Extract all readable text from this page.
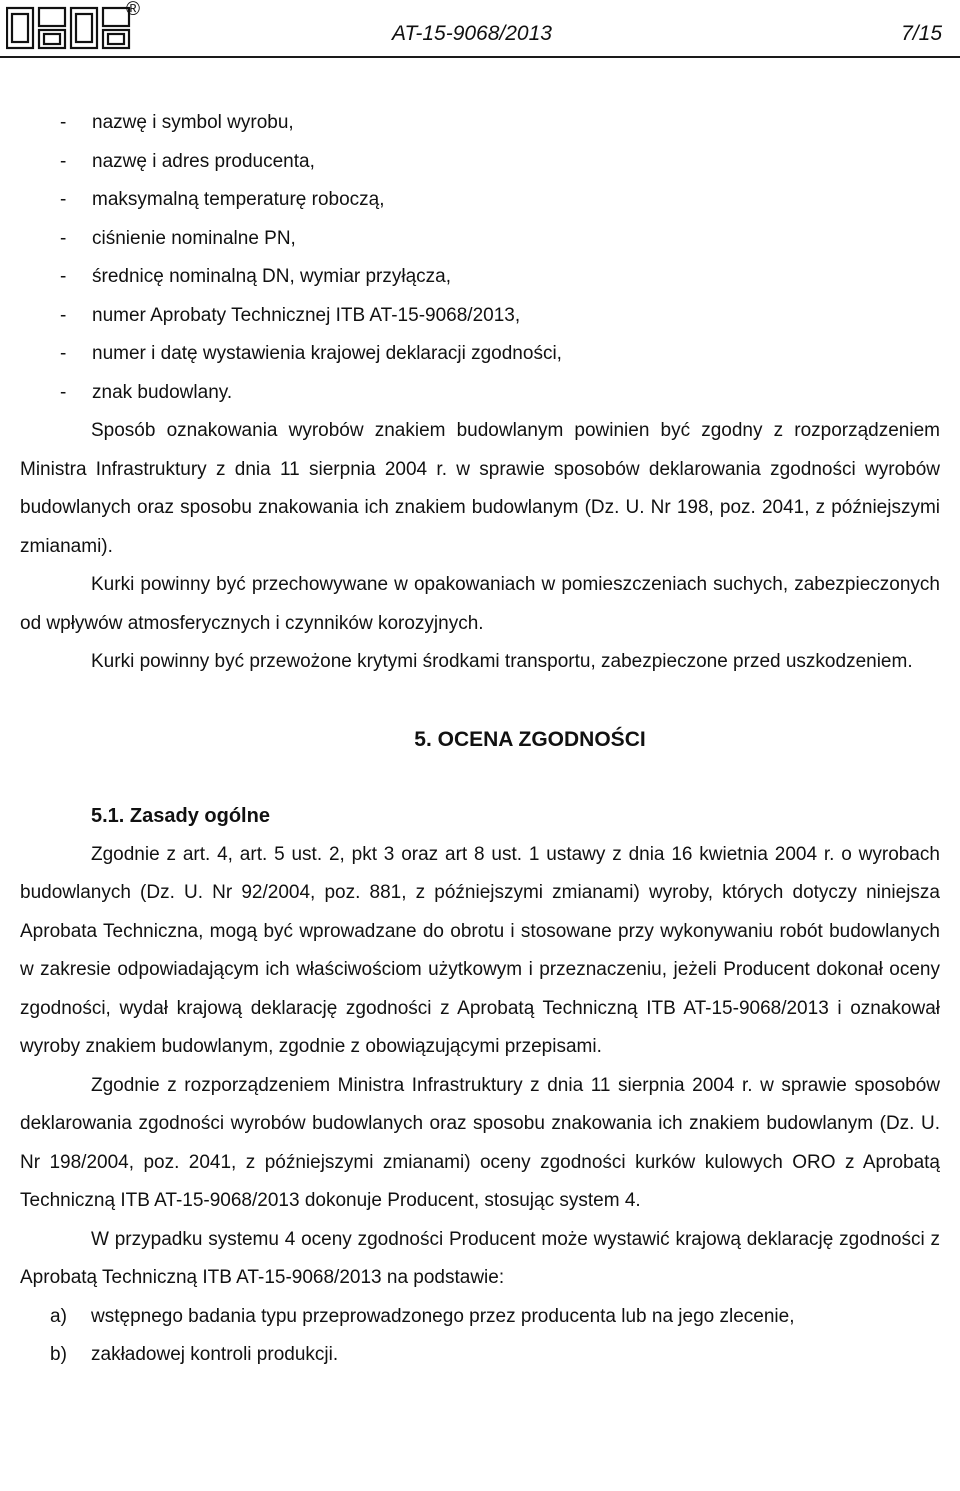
®
AT-15-9068/2013	7/15
- nazwę i symbol wyrobu,
- nazwę i adres producenta,
- maksymalną temperaturę roboczą,
- ciśnienie nominalne PN,
- średnicę nominalną DN, wymiar przyłącza,
- numer Aprobaty Technicznej ITB AT-15-9068/2013,
- numer i datę wystawienia krajowej deklaracji zgodności,
- znak budowlany.

Sposób oznakowania wyrobów znakiem budowlanym powinien być zgodny z rozporządzeniem Ministra Infrastruktury z dnia 11 sierpnia 2004 r. w sprawie sposobów deklarowania zgodności wyrobów budowlanych oraz sposobu znakowania ich znakiem budowlanym (Dz. U. Nr 198, poz. 2041, z późniejszymi zmianami).

Kurki powinny być przechowywane w opakowaniach w pomieszczeniach suchych, zabezpieczonych od wpływów atmosferycznych i czynników korozyjnych.

Kurki powinny być przewożone krytymi środkami transportu, zabezpieczone przed uszkodzeniem.

5. OCENA ZGODNOŚCI
5.1. Zasady ogólne

Zgodnie z art. 4, art. 5 ust. 2, pkt 3 oraz art 8 ust. 1 ustawy z dnia 16 kwietnia 2004 r. o wyrobach budowlanych (Dz. U. Nr 92/2004, poz. 881, z późniejszymi zmianami) wyroby, których dotyczy niniejsza Aprobata Techniczna, mogą być wprowadzane do obrotu i stosowane przy wykonywaniu robót budowlanych w zakresie odpowiadającym ich właściwościom użytkowym i przeznaczeniu, jeżeli Producent dokonał oceny zgodności, wydał krajową deklarację zgodności z Aprobatą Techniczną ITB AT-15-9068/2013 i oznakował wyroby znakiem budowlanym, zgodnie z obowiązującymi przepisami.

Zgodnie z rozporządzeniem Ministra Infrastruktury z dnia 11 sierpnia 2004 r. w sprawie sposobów deklarowania zgodności wyrobów budowlanych oraz sposobu znakowania ich znakiem budowlanym (Dz. U. Nr 198/2004, poz. 2041, z późniejszymi zmianami) oceny zgodności kurków kulowych ORO z Aprobatą Techniczną ITB AT-15-9068/2013 dokonuje Producent, stosując system 4.

W przypadku systemu 4 oceny zgodności Producent może wystawić krajową deklarację zgodności z Aprobatą Techniczną ITB AT-15-9068/2013 na podstawie:

a) wstępnego badania typu przeprowadzonego przez producenta lub na jego zlecenie,
b) zakładowej kontroli produkcji.
